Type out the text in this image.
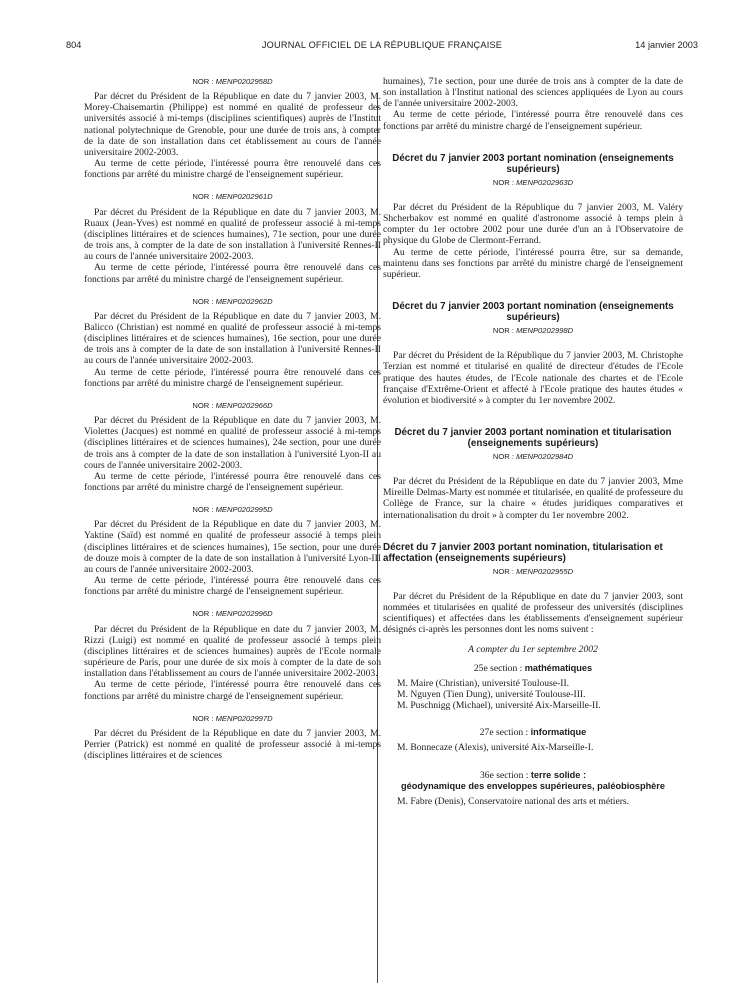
804	JOURNAL OFFICIEL DE LA RÉPUBLIQUE FRANÇAISE	14 janvier 2003
NOR : MENP0202958D

Par décret du Président de la République en date du 7 janvier 2003, M. Morey-Chaisemartin (Philippe) est nommé en qualité de professeur des universités associé à mi-temps (disciplines scientifiques) auprès de l'Institut national polytechnique de Grenoble, pour une durée de trois ans, à compter de la date de son installation dans cet établissement au cours de l'année universitaire 2002-2003.

Au terme de cette période, l'intéressé pourra être renouvelé dans ces fonctions par arrêté du ministre chargé de l'enseignement supérieur.

NOR : MENP0202961D

Par décret du Président de la République en date du 7 janvier 2003, M. Ruaux (Jean-Yves) est nommé en qualité de professeur associé à mi-temps (disciplines littéraires et de sciences humaines), 71e section, pour une durée de trois ans, à compter de la date de son installation à l'université Rennes-II au cours de l'année universitaire 2002-2003.

Au terme de cette période, l'intéressé pourra être renouvelé dans ces fonctions par arrêté du ministre chargé de l'enseignement supérieur.

NOR : MENP0202962D

Par décret du Président de la République en date du 7 janvier 2003, M. Balicco (Christian) est nommé en qualité de professeur associé à mi-temps (disciplines littéraires et de sciences humaines), 16e section, pour une durée de trois ans à compter de la date de son installation à l'université Rennes-II au cours de l'année universitaire 2002-2003.

Au terme de cette période, l'intéressé pourra être renouvelé dans ces fonctions par arrêté du ministre chargé de l'enseignement supérieur.

NOR : MENP0202966D

Par décret du Président de la République en date du 7 janvier 2003, M. Violettes (Jacques) est nommé en qualité de professeur associé à mi-temps (disciplines littéraires et de sciences humaines), 24e section, pour une durée de trois ans à compter de la date de son installation à l'université Lyon-II au cours de l'année universitaire 2002-2003.

Au terme de cette période, l'intéressé pourra être renouvelé dans ces fonctions par arrêté du ministre chargé de l'enseignement supérieur.

NOR : MENP0202995D

Par décret du Président de la République en date du 7 janvier 2003, M. Yaktine (Saïd) est nommé en qualité de professeur associé à temps plein (disciplines littéraires et de sciences humaines), 15e section, pour une durée de douze mois à compter de la date de son installation à l'université Lyon-III au cours de l'année universitaire 2002-2003.

Au terme de cette période, l'intéressé pourra être renouvelé dans ces fonctions par arrêté du ministre chargé de l'enseignement supérieur.

NOR : MENP0202996D

Par décret du Président de la République en date du 7 janvier 2003, M. Rizzi (Luigi) est nommé en qualité de professeur associé à temps plein (disciplines littéraires et de sciences humaines) auprès de l'Ecole normale supérieure de Paris, pour une durée de six mois à compter de la date de son installation dans l'établissement au cours de l'année universitaire 2002-2003.

Au terme de cette période, l'intéressé pourra être renouvelé dans ces fonctions par arrêté du ministre chargé de l'enseignement supérieur.

NOR : MENP0202997D

Par décret du Président de la République en date du 7 janvier 2003, M. Perrier (Patrick) est nommé en qualité de professeur associé à mi-temps (disciplines littéraires et de sciences

humaines), 71e section, pour une durée de trois ans à compter de la date de son installation à l'Institut national des sciences appliquées de Lyon au cours de l'année universitaire 2002-2003.

Au terme de cette période, l'intéressé pourra être renouvelé dans ces fonctions par arrêté du ministre chargé de l'enseignement supérieur.

Décret du 7 janvier 2003 portant nomination (enseignements supérieurs)
NOR : MENP0202963D

Par décret du Président de la République du 7 janvier 2003, M. Valéry Shcherbakov est nommé en qualité d'astronome associé à temps plein à compter du 1er octobre 2002 pour une durée d'un an à l'Observatoire de physique du Globe de Clermont-Ferrand.

Au terme de cette période, l'intéressé pourra être, sur sa demande, maintenu dans ses fonctions par arrêté du ministre chargé de l'enseignement supérieur.

Décret du 7 janvier 2003 portant nomination (enseignements supérieurs)
NOR : MENP0202998D

Par décret du Président de la République du 7 janvier 2003, M. Christophe Terzian est nommé et titularisé en qualité de directeur d'études de l'Ecole pratique des hautes études, de l'Ecole nationale des chartes et de l'Ecole française d'Extrême-Orient et affecté à l'Ecole pratique des hautes études « évolution et biodiversité » à compter du 1er novembre 2002.

Décret du 7 janvier 2003 portant nomination et titularisation (enseignements supérieurs)
NOR : MENP0202984D

Par décret du Président de la République en date du 7 janvier 2003, Mme Mireille Delmas-Marty est nommée et titularisée, en qualité de professeure du Collège de France, sur la chaire « études juridiques comparatives et internationalisation du droit » à compter du 1er novembre 2002.

Décret du 7 janvier 2003 portant nomination, titularisation et affectation (enseignements supérieurs)
NOR : MENP0202955D

Par décret du Président de la République en date du 7 janvier 2003, sont nommées et titularisées en qualité de professeur des universités (disciplines scientifiques) et affectées dans les établissements d'enseignement supérieur désignés ci-après les personnes dont les noms suivent :

A compter du 1er septembre 2002
25e section : mathématiques
M. Maire (Christian), université Toulouse-II.
M. Nguyen (Tien Dung), université Toulouse-III.
M. Puschnigg (Michael), université Aix-Marseille-II.
27e section : informatique
M. Bonnecaze (Alexis), université Aix-Marseille-I.
36e section : terre solide :
géodynamique des enveloppes supérieures, paléobiosphère
M. Fabre (Denis), Conservatoire national des arts et métiers.
